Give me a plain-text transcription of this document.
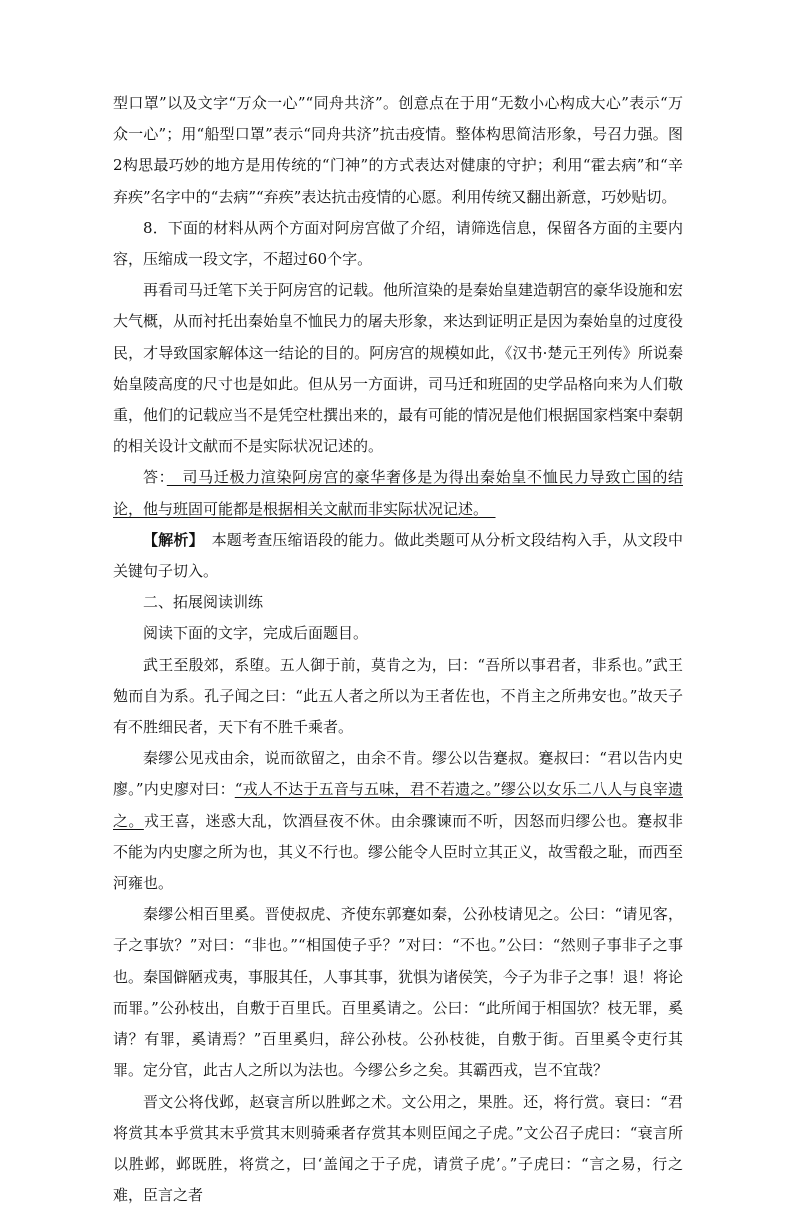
型口罩”以及文字“万众一心”“同舟共济”。创意点在于用“无数小心构成大心”表示“万众一心”；用“船型口罩”表示“同舟共济”抗击疫情。整体构思简洁形象，号召力强。图2构思最巧妙的地方是用传统的“门神”的方式表达对健康的守护；利用“霍去病”和“辛弃疾”名字中的“去病”“弃疾”表达抗击疫情的心愿。利用传统又翻出新意，巧妙贴切。

8．下面的材料从两个方面对阿房宫做了介绍，请筛选信息，保留各方面的主要内容，压缩成一段文字，不超过60个字。

再看司马迁笔下关于阿房宫的记载。他所渲染的是秦始皇建造朝宫的豪华设施和宏大气概，从而衬托出秦始皇不恤民力的屠夫形象，来达到证明正是因为秦始皇的过度役民，才导致国家解体这一结论的目的。阿房宫的规模如此，《汉书·楚元王列传》所说秦始皇陵高度的尺寸也是如此。但从另一方面讲，司马迁和班固的史学品格向来为人们敬重，他们的记载应当不是凭空杜撰出来的，最有可能的情况是他们根据国家档案中秦朝的相关设计文献而不是实际状况记述的。

答：　司马迁极力渲染阿房宫的豪华奢侈是为得出秦始皇不恤民力导致亡国的结论，他与班固可能都是根据相关文献而非实际状况记述。　

【解析】　本题考查压缩语段的能力。做此类题可从分析文段结构入手，从文段中关键句子切入。

二、拓展阅读训练

阅读下面的文字，完成后面题目。

武王至殷郊，系堕。五人御于前，莫肯之为，曰：“吾所以事君者，非系也。”武王勉而自为系。孔子闻之曰：“此五人者之所以为王者佐也，不肖主之所弗安也。”故天子有不胜细民者，天下有不胜千乘者。

秦缪公见戎由余，说而欲留之，由余不肯。缪公以告蹇叔。蹇叔曰：“君以告内史廖。”内史廖对曰：“戎人不达于五音与五味，君不若遗之。”缪公以女乐二八人与良宰遗之。戎王喜，迷惑大乱，饮酒昼夜不休。由余骤谏而不听，因怒而归缪公也。蹇叔非不能为内史廖之所为也，其义不行也。缪公能令人臣时立其正义，故雪殽之耻，而西至河雍也。

秦缪公相百里奚。晋使叔虎、齐使东郭蹇如秦，公孙枝请见之。公曰：“请见客，子之事欤？”对曰：“非也。”“相国使子乎？”对曰：“不也。”公曰：“然则子事非子之事也。秦国僻陋戎夷，事服其任，人事其事，犹惧为诸侯笑，今子为非子之事！退！将论而罪。”公孙枝出，自敷于百里氏。百里奚请之。公曰：“此所闻于相国欤？枝无罪，奚请？有罪，奚请焉？”百里奚归，辞公孙枝。公孙枝徙，自敷于街。百里奚令吏行其罪。定分官，此古人之所以为法也。今缪公乡之矣。其霸西戎，岂不宜哉？

晋文公将伐邺，赵衰言所以胜邺之术。文公用之，果胜。还，将行赏。衰曰：“君将赏其本乎赏其末乎赏其末则骑乘者存赏其本则臣闻之子虎。”文公召子虎曰：“衰言所以胜邺，邺既胜，将赏之，曰‘盖闻之于子虎，请赏子虎’。”子虎曰：“言之易，行之难，臣言之者
